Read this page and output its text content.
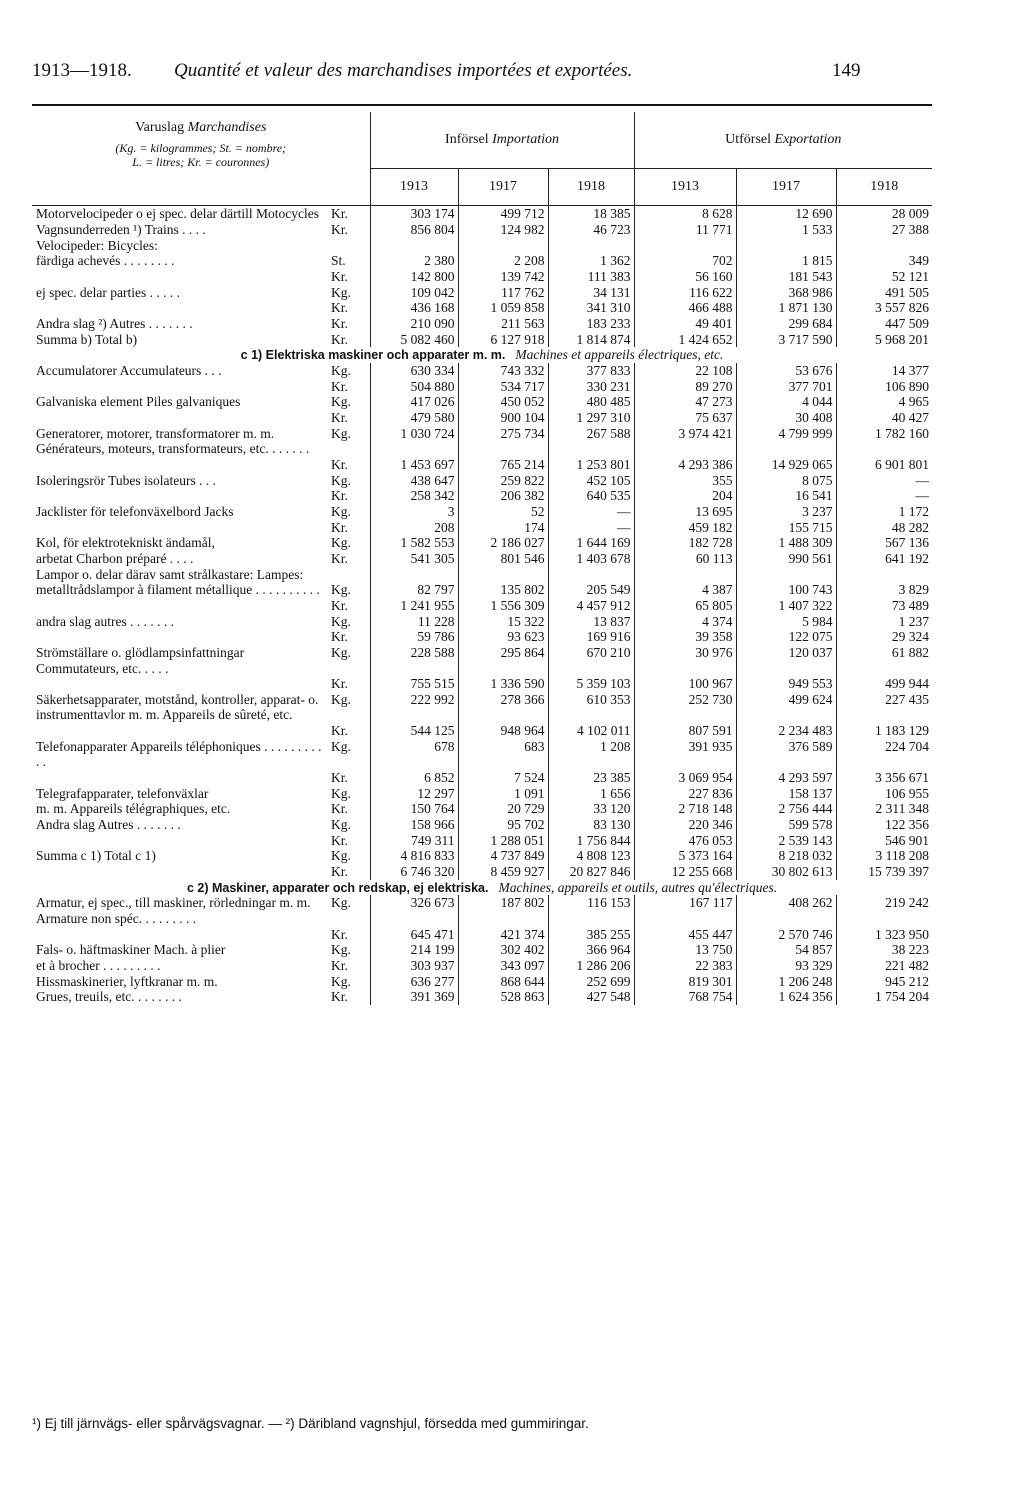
1913—1918. Quantité et valeur des marchandises importées et exportées.	149
Varuslag Marchandises
(Kg. = kilogrammes; St. = nombre;
L. = litres; Kr. = couronnes)		Införsel Importation			Utförsel Exportation		
		1913	1917	1918	1913	1917	1918
Motorvelocipeder o ej spec. delar därtill Motocycles	Kr.	303 174	499 712	18 385	8 628	12 690	28 009
Vagnsunderreden ¹) Trains . . . .	Kr.	856 804	124 982	46 723	11 771	1 533	27 388
Velocipeder: Bicycles:							
färdiga achevés . . . . . . . .	St.	2 380	2 208	1 362	702	1 815	349
	Kr.	142 800	139 742	111 383	56 160	181 543	52 121
ej spec. delar parties . . . . .	Kg.	109 042	117 762	34 131	116 622	368 986	491 505
	Kr.	436 168	1 059 858	341 310	466 488	1 871 130	3 557 826
Andra slag ²) Autres . . . . . . .	Kr.	210 090	211 563	183 233	49 401	299 684	447 509
Summa b) Total b)	Kr.	5 082 460	6 127 918	1 814 874	1 424 652	3 717 590	5 968 201
c 1) Elektriska maskiner och apparater m. m. Machines et appareils électriques, etc.							
Accumulatorer Accumulateurs . . .	Kg.	630 334	743 332	377 833	22 108	53 676	14 377
	Kr.	504 880	534 717	330 231	89 270	377 701	106 890
Galvaniska element Piles galvaniques	Kg.	417 026	450 052	480 485	47 273	4 044	4 965
	Kr.	479 580	900 104	1 297 310	75 637	30 408	40 427
Generatorer, motorer, transformatorer m. m. Générateurs, moteurs, transformateurs, etc. . . . . . .	Kg.	1 030 724	275 734	267 588	3 974 421	4 799 999	1 782 160
	Kr.	1 453 697	765 214	1 253 801	4 293 386	14 929 065	6 901 801
Isoleringsrör Tubes isolateurs . . .	Kg.	438 647	259 822	452 105	355	8 075	—
	Kr.	258 342	206 382	640 535	204	16 541	—
Jacklister för telefonväxelbord Jacks	Kg.	3	52	—	13 695	3 237	1 172
	Kr.	208	174	—	459 182	155 715	48 282
Kol, för elektrotekniskt ändamål,	Kg.	1 582 553	2 186 027	1 644 169	182 728	1 488 309	567 136
arbetat Charbon préparé . . . .	Kr.	541 305	801 546	1 403 678	60 113	990 561	641 192
Lampor o. delar därav samt strålkastare: Lampes:							
metalltrådslampor à filament métallique . . . . . . . . . .	Kg.	82 797	135 802	205 549	4 387	100 743	3 829
	Kr.	1 241 955	1 556 309	4 457 912	65 805	1 407 322	73 489
andra slag autres . . . . . . .	Kg.	11 228	15 322	13 837	4 374	5 984	1 237
	Kr.	59 786	93 623	169 916	39 358	122 075	29 324
Strömställare o. glödlampsinfattningar Commutateurs, etc. . . . .	Kg.	228 588	295 864	670 210	30 976	120 037	61 882
	Kr.	755 515	1 336 590	5 359 103	100 967	949 553	499 944
Säkerhetsapparater, motstånd, kontroller, apparat- o. instrumenttavlor m. m. Appareils de sûreté, etc.	Kg.	222 992	278 366	610 353	252 730	499 624	227 435
	Kr.	544 125	948 964	4 102 011	807 591	2 234 483	1 183 129
Telefonapparater Appareils téléphoniques . . . . . . . . . . .	Kg.	678	683	1 208	391 935	376 589	224 704
	Kr.	6 852	7 524	23 385	3 069 954	4 293 597	3 356 671
Telegrafapparater, telefonväxlar	Kg.	12 297	1 091	1 656	227 836	158 137	106 955
m. m. Appareils télégraphiques, etc.	Kr.	150 764	20 729	33 120	2 718 148	2 756 444	2 311 348
Andra slag Autres . . . . . . .	Kg.	158 966	95 702	83 130	220 346	599 578	122 356
	Kr.	749 311	1 288 051	1 756 844	476 053	2 539 143	546 901
Summa c 1) Total c 1)	Kg.	4 816 833	4 737 849	4 808 123	5 373 164	8 218 032	3 118 208
	Kr.	6 746 320	8 459 927	20 827 846	12 255 668	30 802 613	15 739 397
c 2) Maskiner, apparater och redskap, ej elektriska. Machines, appareils et outils, autres qu'électriques.							
Armatur, ej spec., till maskiner, rörledningar m. m. Armature non spéc. . . . . . . . .	Kg.	326 673	187 802	116 153	167 117	408 262	219 242
	Kr.	645 471	421 374	385 255	455 447	2 570 746	1 323 950
Fals- o. häftmaskiner Mach. à plier	Kg.	214 199	302 402	366 964	13 750	54 857	38 223
et à brocher . . . . . . . . .	Kr.	303 937	343 097	1 286 206	22 383	93 329	221 482
Hissmaskinerier, lyftkranar m. m.	Kg.	636 277	868 644	252 699	819 301	1 206 248	945 212
Grues, treuils, etc. . . . . . . .	Kr.	391 369	528 863	427 548	768 754	1 624 356	1 754 204
¹) Ej till järnvägs- eller spårvägsvagnar. — ²) Däribland vagnshjul, försedda med gummiringar.
